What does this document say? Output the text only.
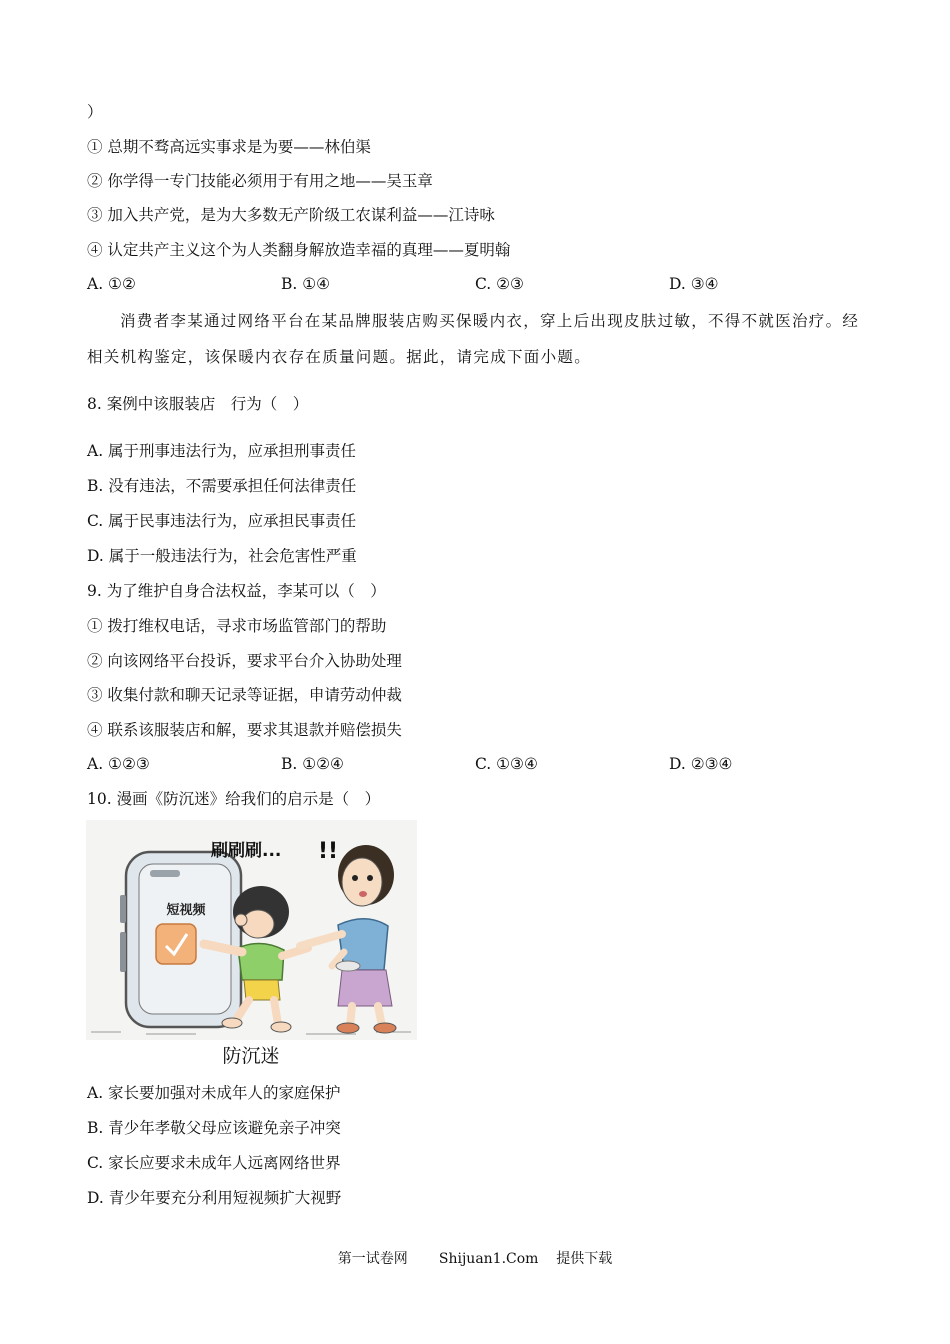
）
① 总期不骛高远实事求是为要——林伯渠
② 你学得一专门技能必须用于有用之地——吴玉章
③ 加入共产党，是为大多数无产阶级工农谋利益——江诗咏
④ 认定共产主义这个为人类翻身解放造幸福的真理——夏明翰
A. ①②	B. ①④	C. ②③	D. ③④
消费者李某通过网络平台在某品牌服装店购买保暖内衣，穿上后出现皮肤过敏，不得不就医治疗。经
相关机构鉴定，该保暖内衣存在质量问题。据此，请完成下面小题。
8. 案例中该服装店　行为（　）
A. 属于刑事违法行为，应承担刑事责任
B. 没有违法，不需要承担任何法律责任
C. 属于民事违法行为，应承担民事责任
D. 属于一般违法行为，社会危害性严重
9. 为了维护自身合法权益，李某可以（　）
① 拨打维权电话，寻求市场监管部门的帮助
② 向该网络平台投诉，要求平台介入协助处理
③ 收集付款和聊天记录等证据，申请劳动仲裁
④ 联系该服装店和解，要求其退款并赔偿损失
A. ①②③	B. ①②④	C. ①③④	D. ②③④
10. 漫画《防沉迷》给我们的启示是（　）
短视频
刷刷刷... !!
防沉迷
A. 家长要加强对未成年人的家庭保护
B. 青少年孝敬父母应该避免亲子冲突
C. 家长应要求未成年人远离网络世界
D. 青少年要充分利用短视频扩大视野
第一试卷网 Shijuan1.Com 提供下载
